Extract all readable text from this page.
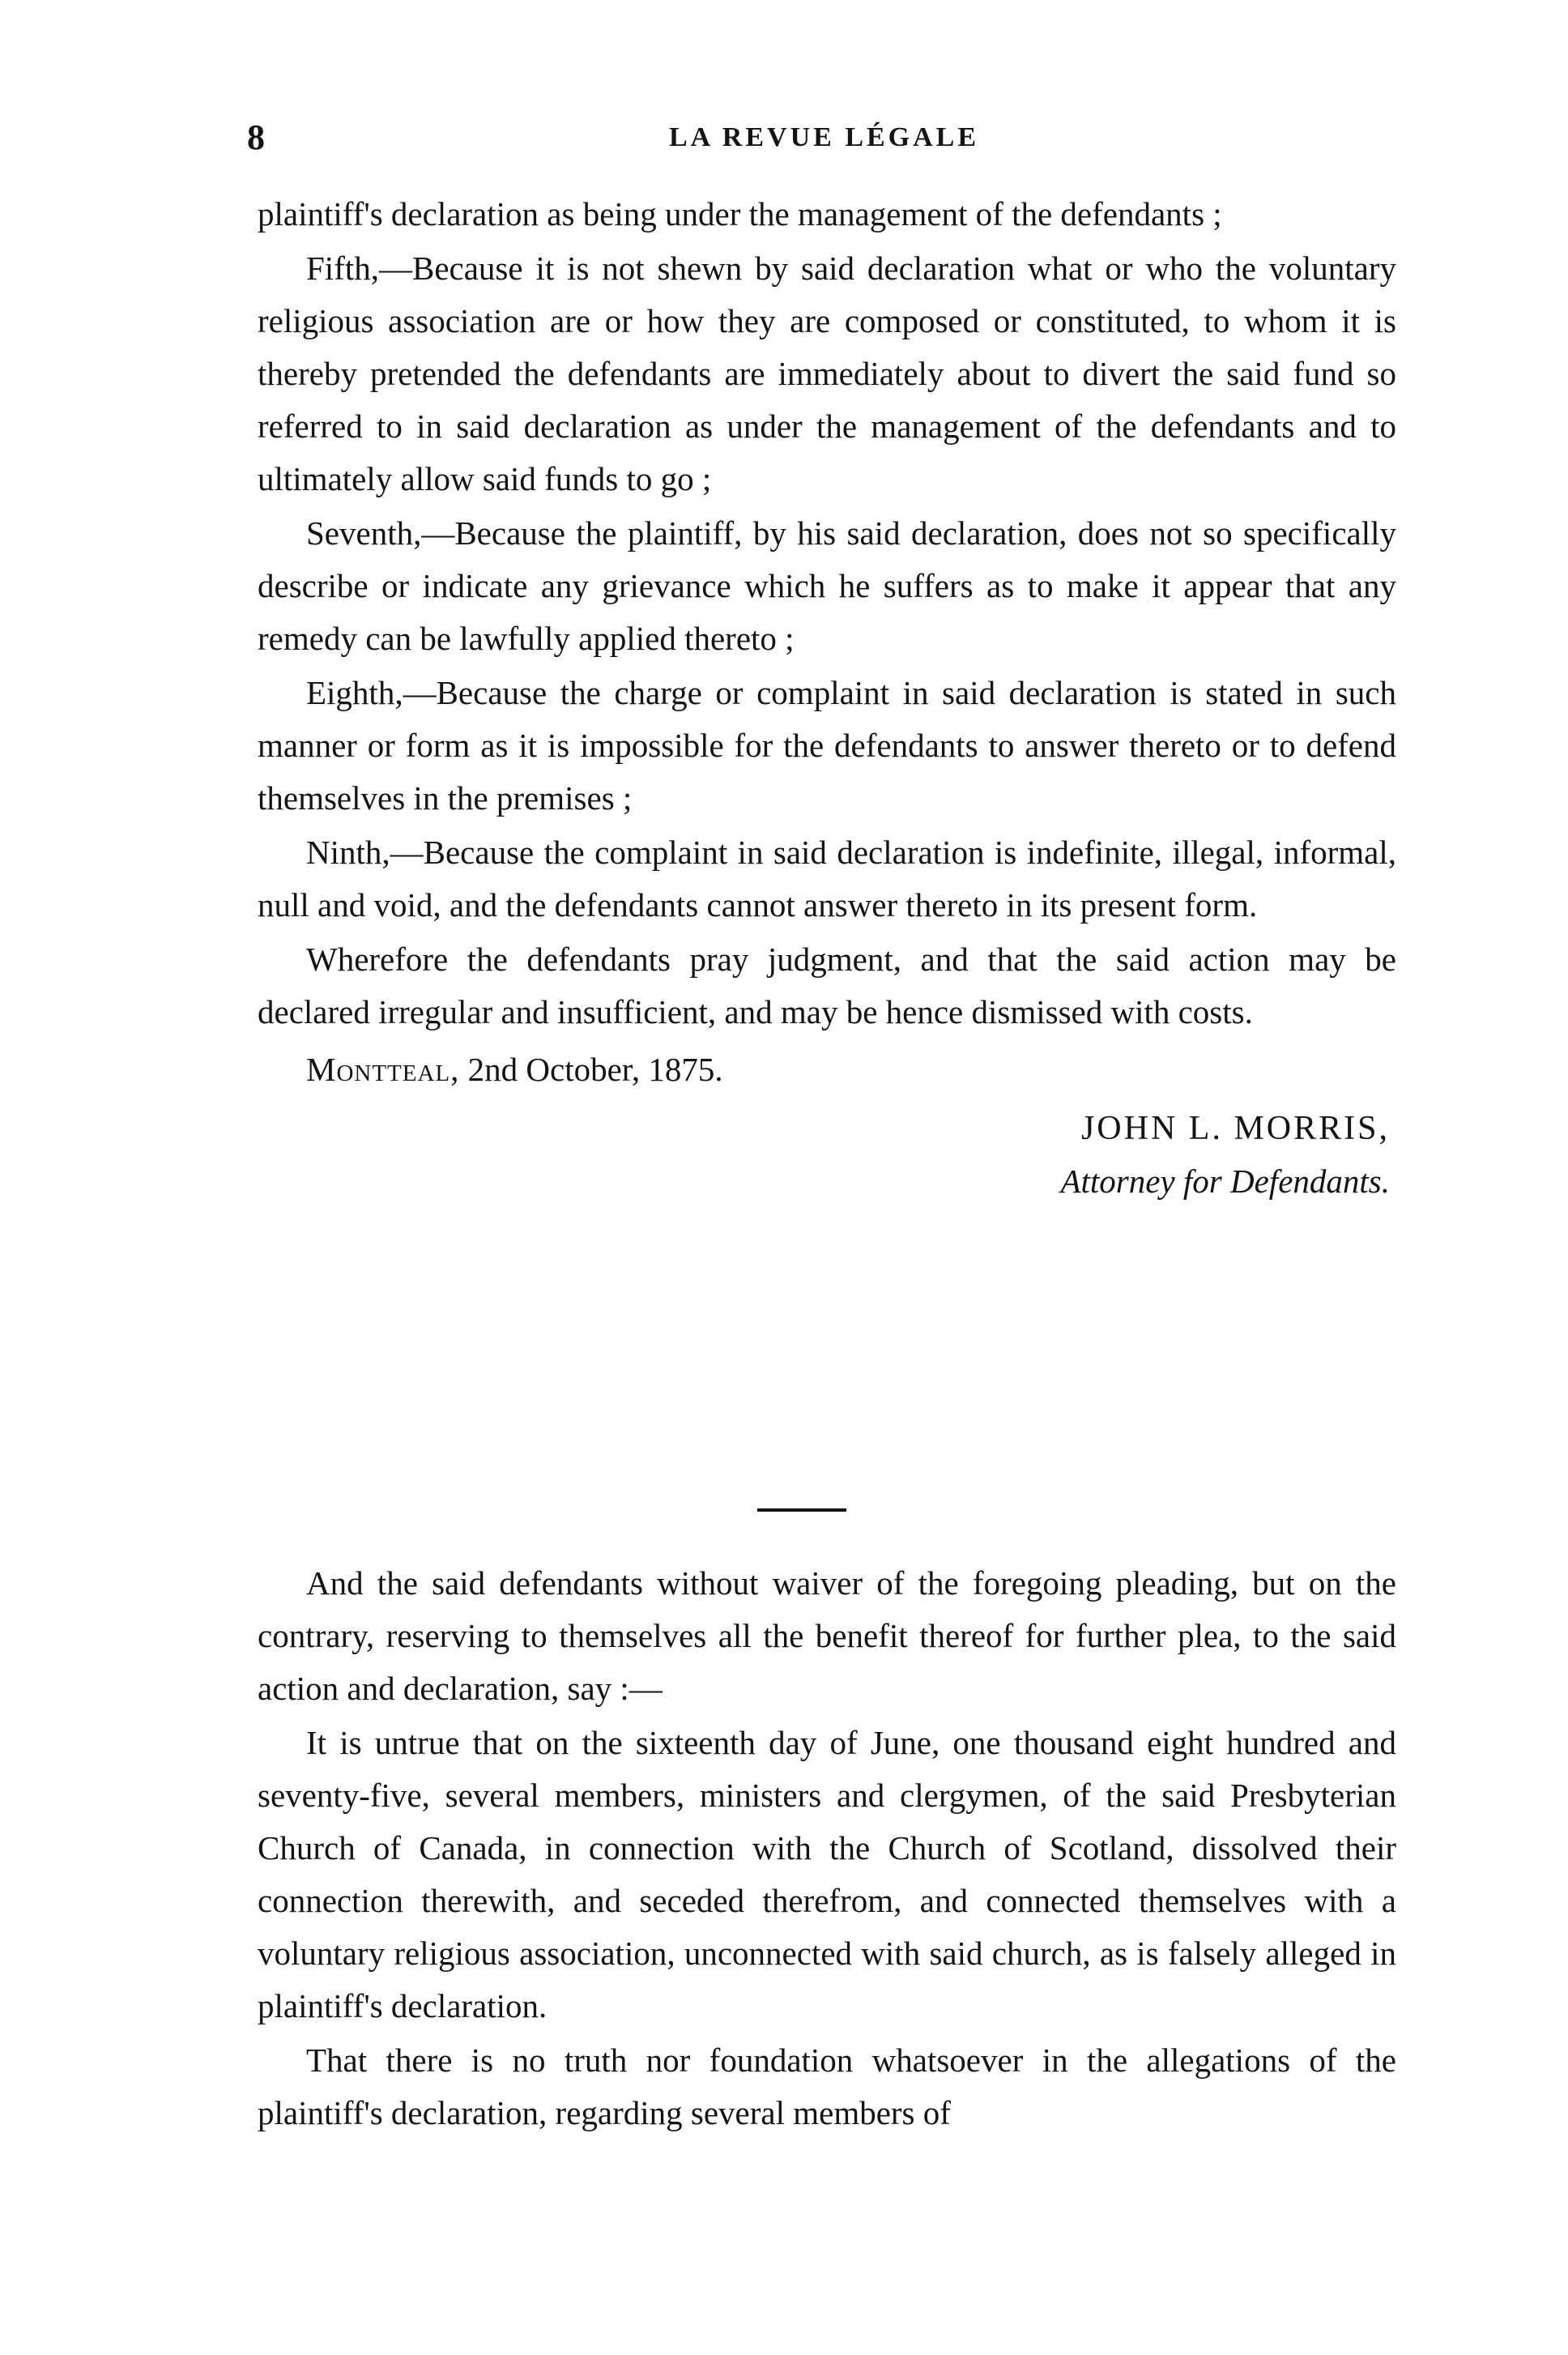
8	LA REVUE LÉGALE

plaintiff's declaration as being under the management of the defendants ;

Fifth,—Because it is not shewn by said declaration what or who the voluntary religious association are or how they are composed or constituted, to whom it is thereby pretended the defendants are immediately about to divert the said fund so referred to in said declaration as under the management of the defendants and to ultimately allow said funds to go ;

Seventh,—Because the plaintiff, by his said declaration, does not so specifically describe or indicate any grievance which he suffers as to make it appear that any remedy can be lawfully applied thereto ;

Eighth,—Because the charge or complaint in said declaration is stated in such manner or form as it is impossible for the defendants to answer thereto or to defend themselves in the premises ;

Ninth,—Because the complaint in said declaration is indefinite, illegal, informal, null and void, and the defendants cannot answer thereto in its present form.

Wherefore the defendants pray judgment, and that the said action may be declared irregular and insufficient, and may be hence dismissed with costs.

Montteal, 2nd October, 1875.

JOHN L. MORRIS,

Attorney for Defendants.

And the said defendants without waiver of the foregoing pleading, but on the contrary, reserving to themselves all the benefit thereof for further plea, to the said action and declaration, say :—

It is untrue that on the sixteenth day of June, one thousand eight hundred and seventy-five, several members, ministers and clergymen, of the said Presbyterian Church of Canada, in connection with the Church of Scotland, dissolved their connection therewith, and seceded therefrom, and connected themselves with a voluntary religious association, unconnected with said church, as is falsely alleged in plaintiff's declaration.

That there is no truth nor foundation whatsoever in the allegations of the plaintiff's declaration, regarding several members of
